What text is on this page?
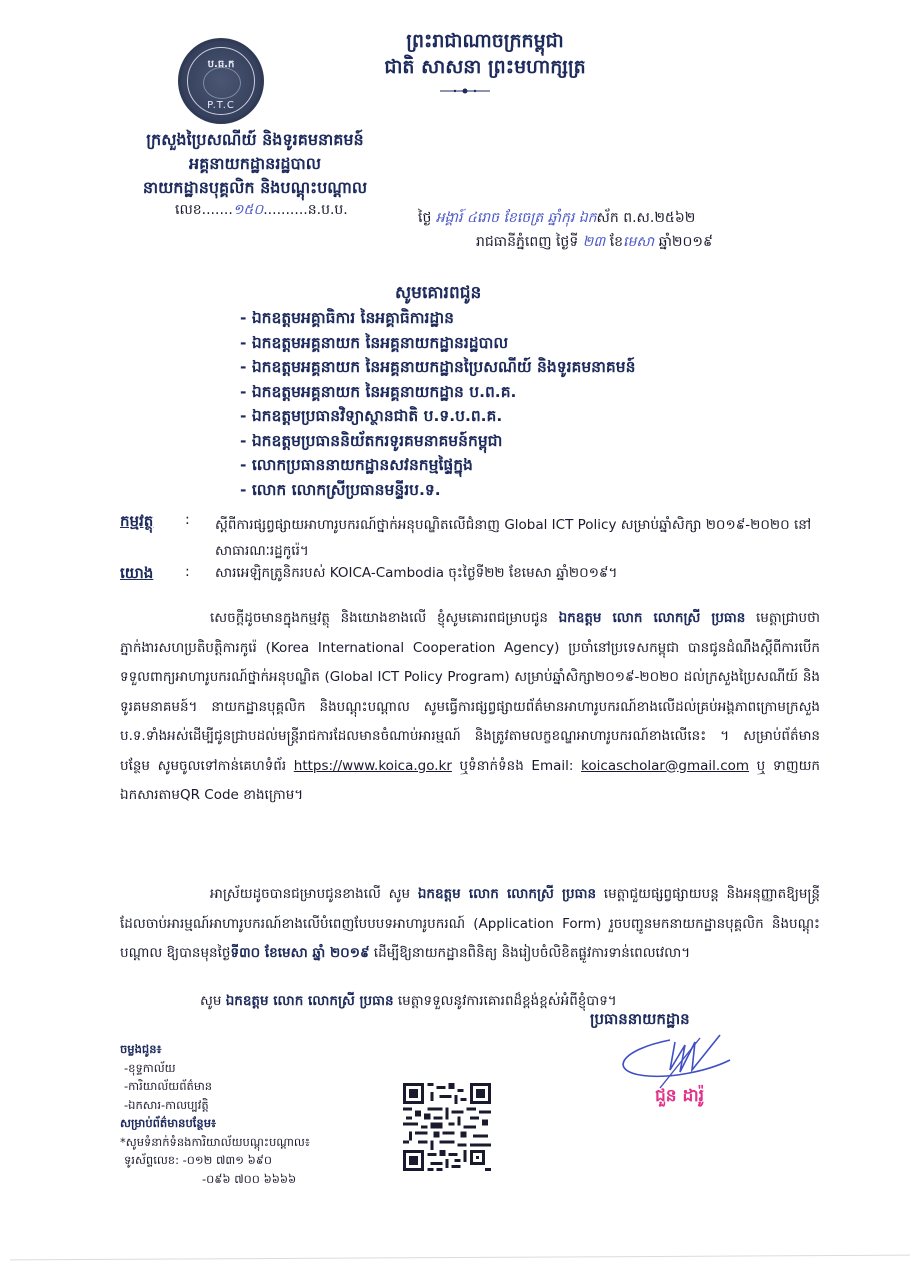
ប.ធ.ក
P.T.C
ព្រះរាជាណាចក្រកម្ពុជា
ជាតិ សាសនា ព្រះមហាក្សត្រ
ក្រសួងប្រៃសណីយ៍ និងទូរគមនាគមន៍
អគ្គនាយកដ្ឋានរដ្ឋបាល
នាយកដ្ឋានបុគ្គលិក និងបណ្តុះបណ្តាល
លេខ.......១៥០..........ន.ប.ប.	ថ្ងៃ អង្គារ៍ ៤រោច ខែចេត្រ ឆ្នាំកុរ ឯកស័ក ព.ស.២៥៦២
រាជធានីភ្នំពេញ ថ្ងៃទី ២៣ ខែមេសា ឆ្នាំ២០១៩
សូមគោរពជូន
- ឯកឧត្តមអគ្គាធិការ នៃអគ្គាធិការដ្ឋាន
- ឯកឧត្តមអគ្គនាយក នៃអគ្គនាយកដ្ឋានរដ្ឋបាល
- ឯកឧត្តមអគ្គនាយក នៃអគ្គនាយកដ្ឋានប្រៃសណីយ៍ និងទូរគមនាគមន៍
- ឯកឧត្តមអគ្គនាយក នៃអគ្គនាយកដ្ឋាន ប.ព.គ.
- ឯកឧត្តមប្រធានវិទ្យាស្ថានជាតិ ប.ទ.ប.ព.គ.
- ឯកឧត្តមប្រធាននិយ័តករទូរគមនាគមន៍កម្ពុជា
- លោកប្រធាននាយកដ្ឋានសវនកម្មផ្ទៃក្នុង
- លោក លោកស្រីប្រធានមន្ទីរប.ទ.
កម្មវត្ថុ : ស្តីពីការផ្សព្វផ្សាយអាហារូបករណ៍ថ្នាក់អនុបណ្ឌិតលើជំនាញ Global ICT Policy សម្រាប់ឆ្នាំសិក្សា ២០១៩-២០២០ នៅសាធារណៈរដ្ឋកូរ៉េ។
យោង : សារអេឡិកត្រូនិករបស់ KOICA-Cambodia ចុះថ្ងៃទី២២ ខែមេសា ឆ្នាំ២០១៩។
សេចក្តីដូចមានក្នុងកម្មវត្ថុ និងយោងខាងលើ ខ្ញុំសូមគោរពជម្រាបជូន ឯកឧត្តម លោក លោកស្រី ប្រធាន មេត្តាជ្រាបថា ភ្នាក់ងារសហប្រតិបត្តិការកូរ៉េ (Korea International Cooperation Agency) ប្រចាំនៅប្រទេសកម្ពុជា បានជូនដំណឹងស្តីពីការបើកទទួលពាក្យអាហារូបករណ៍ថ្នាក់អនុបណ្ឌិត (Global ICT Policy Program) សម្រាប់ឆ្នាំសិក្សា២០១៩-២០២០ ដល់ក្រសួងប្រៃសណីយ៍ និងទូរគមនាគមន៍។ នាយកដ្ឋានបុគ្គលិក និងបណ្តុះបណ្តាល សូមធ្វើការផ្សព្វផ្សាយព័ត៌មានអាហារូបករណ៍ខាងលើដល់គ្រប់អង្គភាពក្រោមក្រសួង ប.ទ.ទាំងអស់ដើម្បីជូនជ្រាបដល់មន្ត្រីរាជការដែលមានចំណាប់អារម្មណ៍ និងត្រូវតាមលក្ខខណ្ឌអាហារូបករណ៍ខាងលើនេះ ។ សម្រាប់ព័ត៌មានបន្ថែម សូមចូលទៅកាន់គេហទំព័រ https://www.koica.go.kr ឬទំនាក់ទំនង Email: koicascholar@gmail.com ឬ ទាញយកឯកសារតាមQR Code ខាងក្រោម។
អាស្រ័យដូចបានជម្រាបជូនខាងលើ សូម ឯកឧត្តម លោក លោកស្រី ប្រធាន មេត្តាជួយផ្សព្វផ្សាយបន្ត និងអនុញ្ញាតឱ្យមន្ត្រីដែលចាប់អារម្មណ៍អាហារូបករណ៍ខាងលើបំពេញបែបបទអាហារូបករណ៍ (Application Form) រួចបញ្ជូនមកនាយកដ្ឋានបុគ្គលិក និងបណ្តុះបណ្តាល ឱ្យបានមុនថ្ងៃទី៣០ ខែមេសា ឆ្នាំ ២០១៩ ដើម្បីឱ្យនាយកដ្ឋានពិនិត្យ និងរៀបចំលិខិតផ្លូវការទាន់ពេលវេលា។
សូម ឯកឧត្តម លោក លោកស្រី ប្រធាន មេត្តាទទួលនូវការគោរពដ៏ខ្ពង់ខ្ពស់អំពីខ្ញុំបាទ។
ប្រធាននាយកដ្ឋាន
ជួន ដារ៉ូ
ចម្លងជូន៖
-ខុទ្ទកាល័យ
-ការិយាល័យព័ត៌មាន
-ឯកសារ-កាលប្បវត្តិ
សម្រាប់ព័ត៌មានបន្ថែម៖
*សូមទំនាក់ទំនងការិយាល័យបណ្តុះបណ្តាល៖
ទូរស័ព្ទលេខ: -០១២ ៧៣១ ៦៩០
-០៩៦ ៧០០ ៦៦៦៦
